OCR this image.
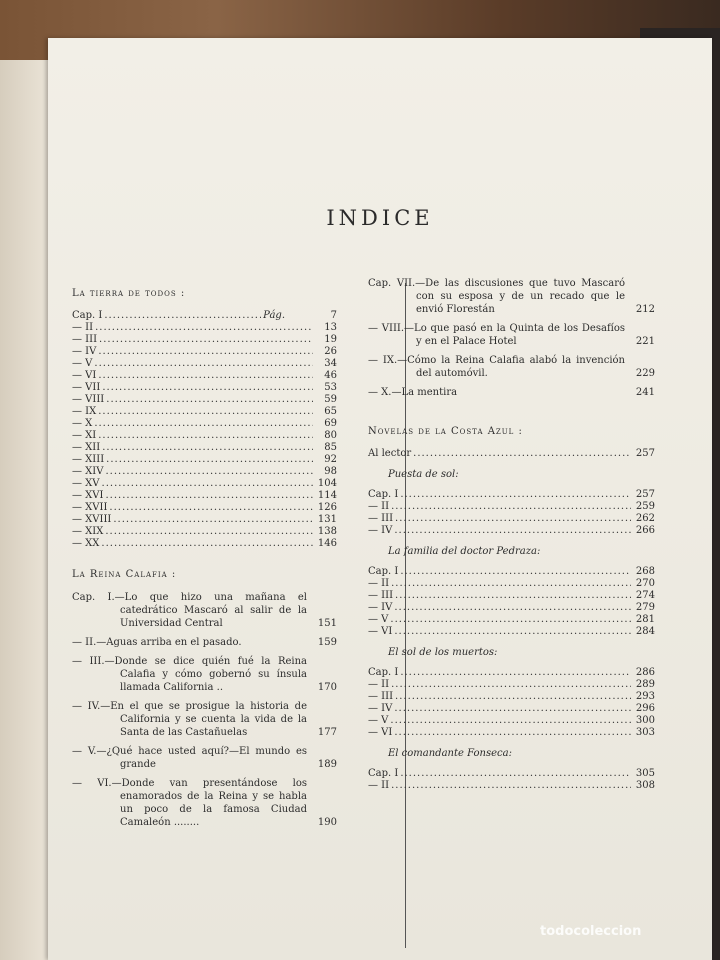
INDICE
La tierra de todos :
Cap. I .....	Pág.	7
— II .....	13
— III .....	19
— IV .....	26
— V .....	34
— VI .....	46
— VII .....	53
— VIII .....	59
— IX .....	65
— X .....	69
— XI .....	80
— XII .....	85
— XIII .....	92
— XIV .....	98
— XV .....	104
— XVI .....	114
— XVII .....	126
— XVIII .....	131
— XIX .....	138
— XX .....	146
La Reina Calafia :
Cap. I.—Lo que hizo una mañana el catedrático Mascaró al salir de la Universidad Central	151
— II.—Aguas arriba en el pasado.	159
— III.—Donde se dice quién fué la Reina Calafia y cómo gobernó su ínsula llamada California ..	170
— IV.—En el que se prosigue la historia de California y se cuenta la vida de la Santa de las Castañuelas	177
— V.—¿Qué hace usted aquí?—El mundo es grande	189
— VI.—Donde van presentándose los enamorados de la Reina y se habla un poco de la famosa Ciudad Camaleón ........	190
Cap. VII.—De las discusiones que tuvo Mascaró con su esposa y de un recado que le envió Florestán	212
— VIII.—Lo que pasó en la Quinta de los Desafíos y en el Palace Hotel	221
— IX.—Cómo la Reina Calafia alabó la invención del automóvil.	229
— X.—La mentira	241
Novelas de la Costa Azul :
Al lector .....	257
Puesta de sol:
Cap. I .....	257
— II .....	259
— III .....	262
— IV .....	266
La familia del doctor Pedraza:
Cap. I .....	268
— II .....	270
— III .....	274
— IV .....	279
— V .....	281
— VI .....	284
El sol de los muertos:
Cap. I .....	286
— II .....	289
— III .....	293
— IV .....	296
— V .....	300
— VI .....	303
El comandante Fonseca:
Cap. I .....	305
— II .....	308
todocoleccion
